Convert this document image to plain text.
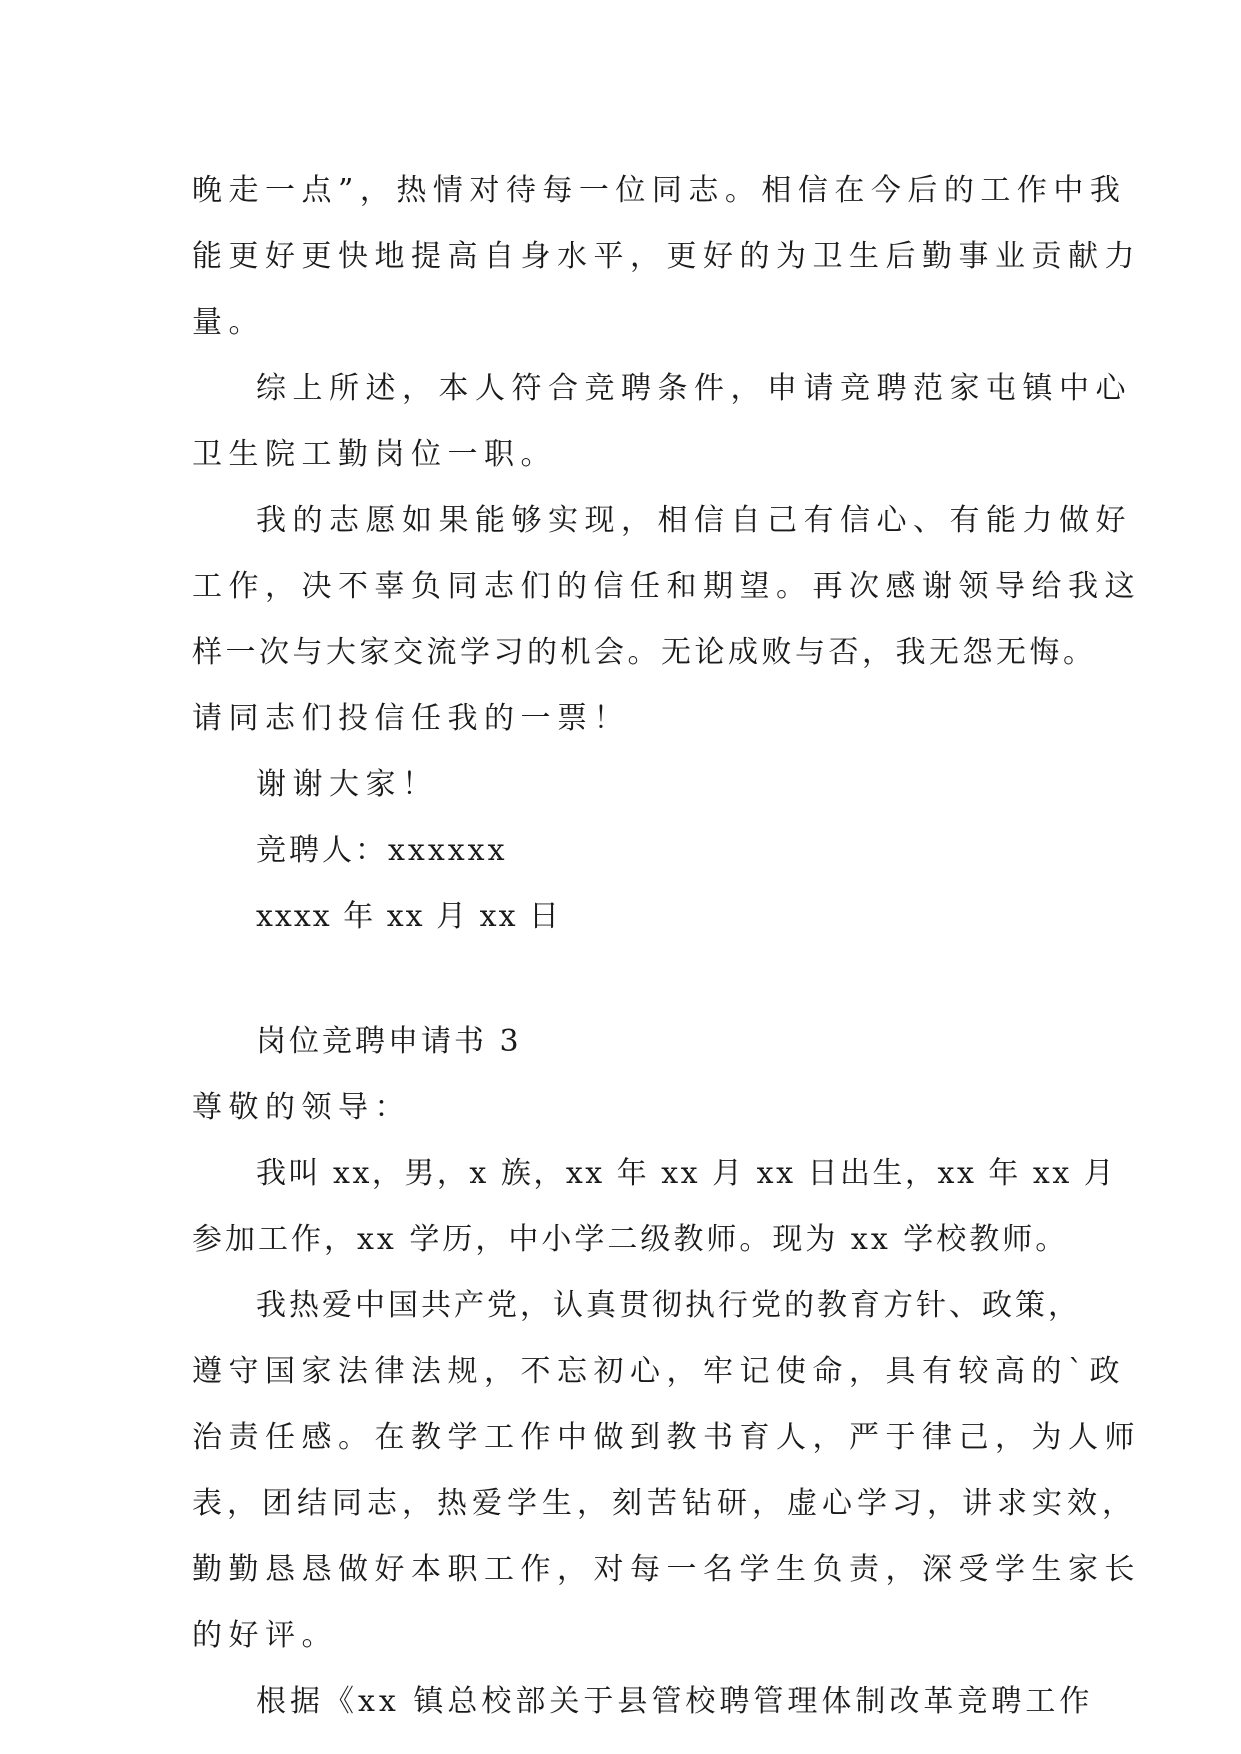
晚走一点”，热情对待每一位同志。相信在今后的工作中我
能更好更快地提高自身水平，更好的为卫生后勤事业贡献力
量。
综上所述，本人符合竞聘条件，申请竞聘范家屯镇中心
卫生院工勤岗位一职。
我的志愿如果能够实现，相信自己有信心、有能力做好
工作，决不辜负同志们的信任和期望。再次感谢领导给我这
样一次与大家交流学习的机会。无论成败与否，我无怨无悔。
请同志们投信任我的一票！
谢谢大家！
竞聘人：xxxxxx
xxxx 年 xx 月 xx 日
岗位竞聘申请书 3
尊敬的领导：
我叫 xx，男，x 族，xx 年 xx 月 xx 日出生，xx 年 xx 月
参加工作，xx 学历，中小学二级教师。现为 xx 学校教师。
我热爱中国共产党，认真贯彻执行党的教育方针、政策，
遵守国家法律法规，不忘初心，牢记使命，具有较高的`政
治责任感。在教学工作中做到教书育人，严于律己，为人师
表，团结同志，热爱学生，刻苦钻研，虚心学习，讲求实效，
勤勤恳恳做好本职工作，对每一名学生负责，深受学生家长
的好评。
根据《xx 镇总校部关于县管校聘管理体制改革竞聘工作
